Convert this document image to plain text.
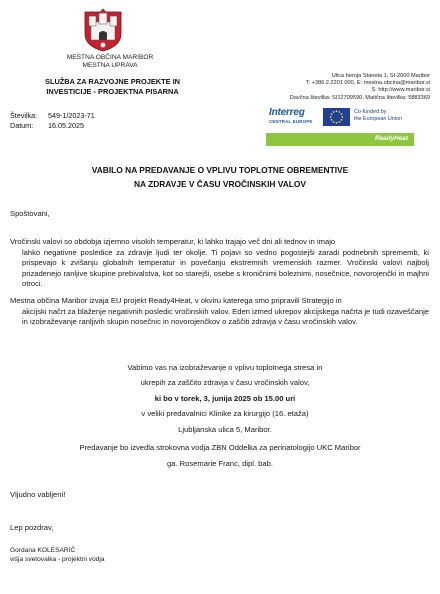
MESTNA OBČINA MARIBOR
MESTNA UPRAVA
SLUŽBA ZA RAZVOJNE PROJEKTE IN
INVESTICIJE - PROJEKTNA PISARNA
Številka: 549-1/2023-71
Datum: 16.05.2025
Ulica heroja Staneta 1, SI-2000 Maribor
T: +386.2.2201 000, E: mestna.obcina@maribor.si
S: http://www.maribor.si
Davčna številka: SI12709590, Matična številka: 5883369
Interreg
CENTRAL EUROPE
Co-funded by
the European Union
ReadyHeat
VABILO NA PREDAVANJE O VPLIVU TOPLOTNE OBREMENTIVE
NA ZDRAVJE V ČASU VROČINSKIH VALOV
Spoštovani,
Vročinski valovi so obdobja izjemno visokih temperatur, ki lahko trajajo več dni ali tednov in imajo
lahko negativne posledice za zdravje ljudi ter okolje. Ti pojavi so vedno pogostejši zaradi podnebnih sprememb, ki prispevajo k zvišanju globalnih temperatur in povečanju ekstremnih vremenskih razmer. Vročinski valovi najbolj prizadenejo ranljive skupine prebivalstva, kot so starejši, osebe s kroničnimi boleznimi, nosečnice, novorojenčki in majhni otroci.
Mestna občina Maribor izvaja EU projekt Ready4Heat, v okviru katerega smo pripravili Strategijo in
akcijski načrt za blaženje negativnih posledic vročinskih valov. Eden izmed ukrepov akcijskega načrta je tudi ozaveščanje in izobraževanje ranljivih skupin nosečnic in novorojenčkov o zaščiti zdravja v času vročinskih valov.
Vabimo vas na izobraževanje o vplivu toplotnega stresa in
ukrepih za zaščito zdravja v času vročinskih valov,
ki bo v torek, 3, junija 2025 ob 15.00 uri
v veliki predavalnici Klinike za kirurgijo (16. etaža)
Ljubljanska ulica 5, Maribor.
Predavanje bo izvedla strokovna vodja ZBN Oddelka za perinatologijo UKC Maribor
ga. Rosemarie Franc, dipl. bab.
Vljudno vabljeni!
Lep pozdrav,
Gordana KOLESARIČ
višja svetovalka - projektni vodja
